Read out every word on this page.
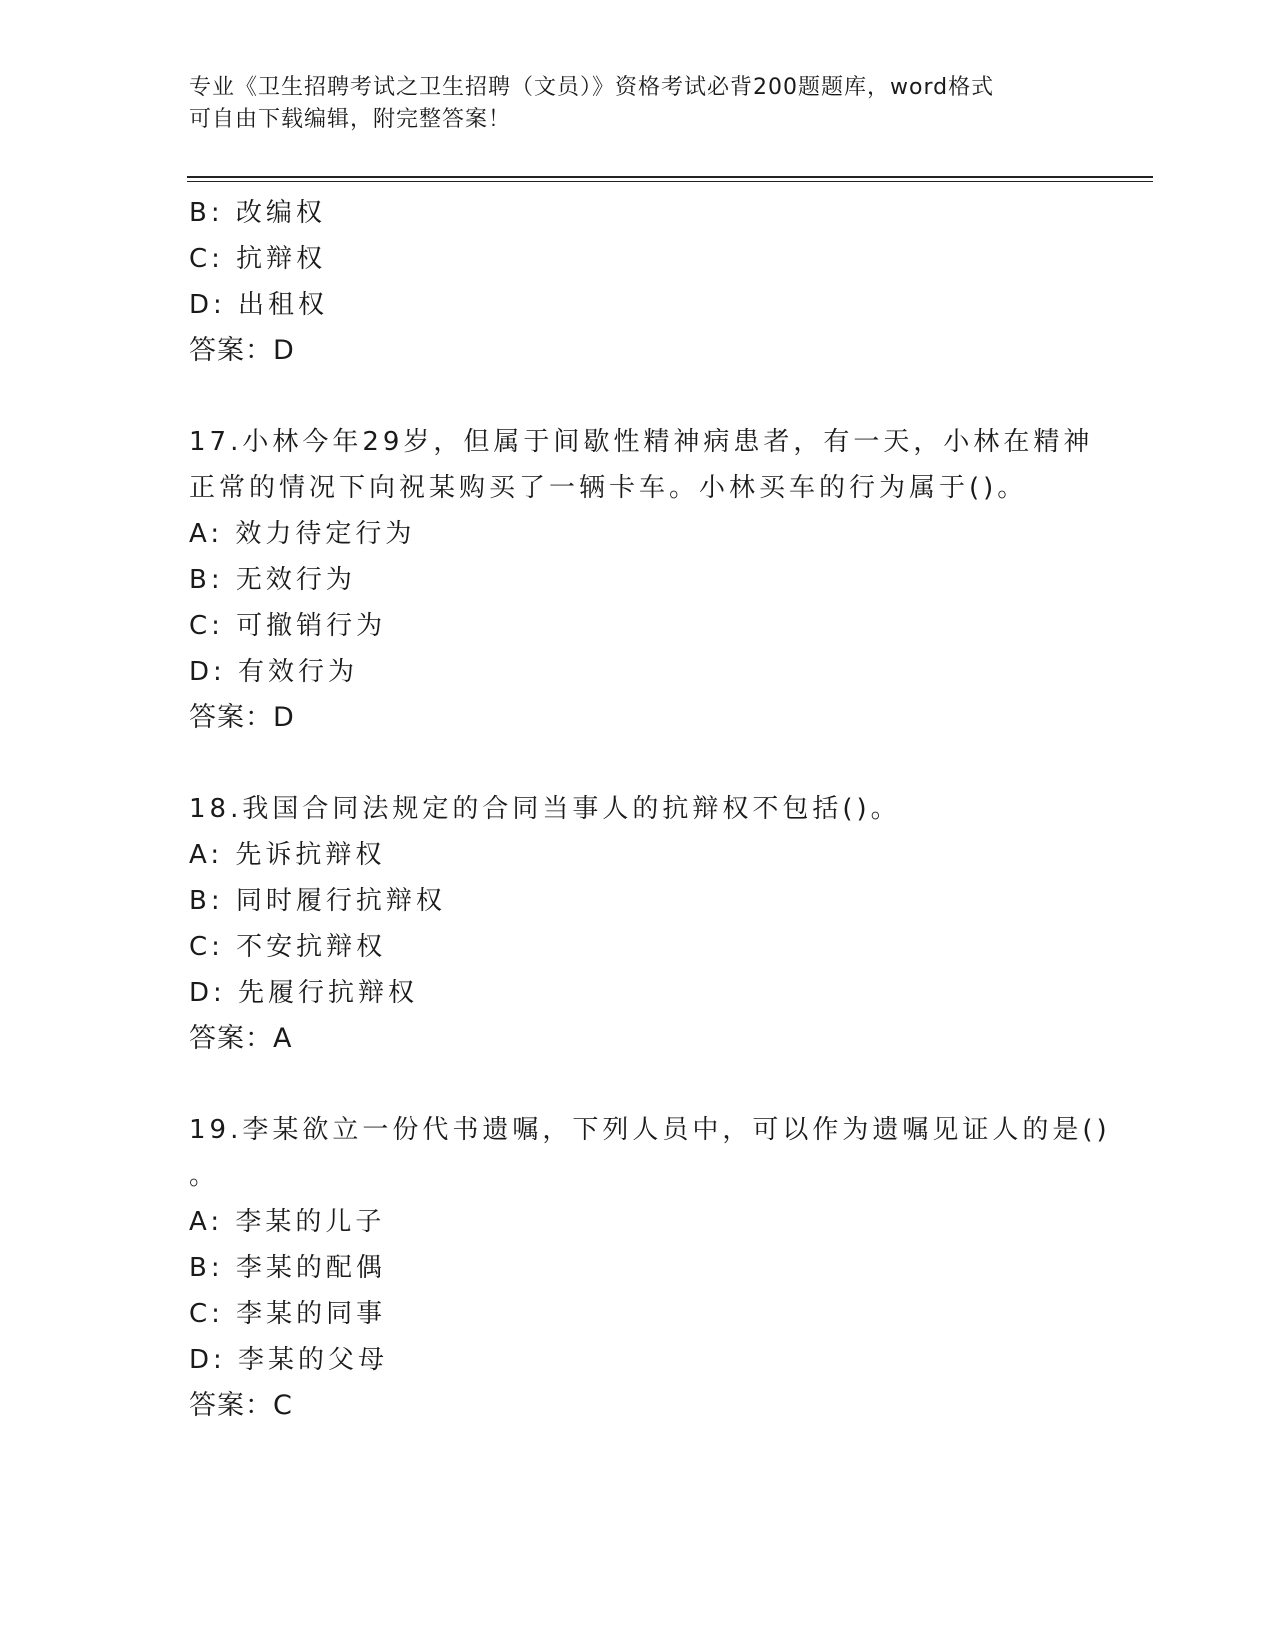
专业《卫生招聘考试之卫生招聘（文员）》资格考试必背200题题库，word格式
可自由下载编辑，附完整答案！
B: 改编权
C: 抗辩权
D: 出租权
答案：D
17.小林今年29岁，但属于间歇性精神病患者，有一天，小林在精神
正常的情况下向祝某购买了一辆卡车。小林买车的行为属于()。
A: 效力待定行为
B: 无效行为
C: 可撤销行为
D: 有效行为
答案：D
18.我国合同法规定的合同当事人的抗辩权不包括()。
A: 先诉抗辩权
B: 同时履行抗辩权
C: 不安抗辩权
D: 先履行抗辩权
答案：A
19.李某欲立一份代书遗嘱，下列人员中，可以作为遗嘱见证人的是()
。
A: 李某的儿子
B: 李某的配偶
C: 李某的同事
D: 李某的父母
答案：C
